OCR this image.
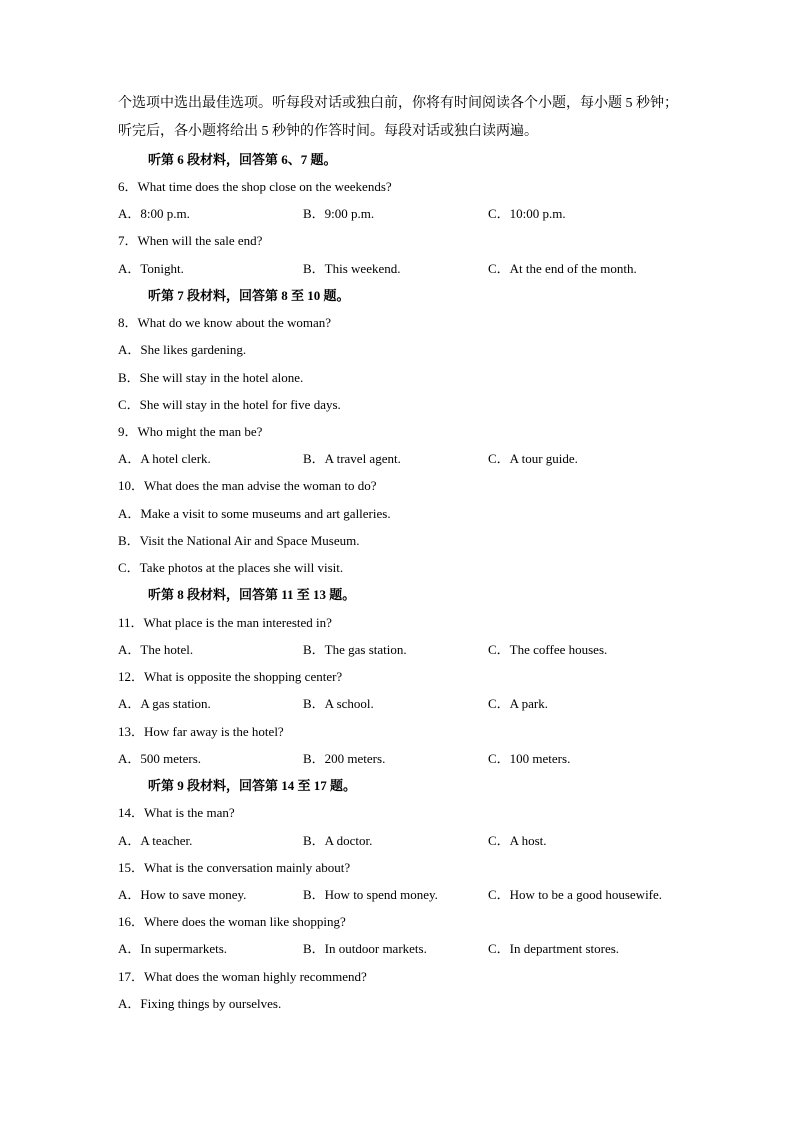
个选项中选出最佳选项。听每段对话或独白前，你将有时间阅读各个小题，每小题 5 秒钟；
听完后，各小题将给出 5 秒钟的作答时间。每段对话或独白读两遍。
听第 6 段材料，回答第 6、7 题。
6．What time does the shop close on the weekends?
A．8:00 p.m.	B．9:00 p.m.	C．10:00 p.m.
7．When will the sale end?
A．Tonight.	B．This weekend.	C．At the end of the month.
听第 7 段材料，回答第 8 至 10 题。
8．What do we know about the woman?
A．She likes gardening.
B．She will stay in the hotel alone.
C．She will stay in the hotel for five days.
9．Who might the man be?
A．A hotel clerk.	B．A travel agent.	C．A tour guide.
10．What does the man advise the woman to do?
A．Make a visit to some museums and art galleries.
B．Visit the National Air and Space Museum.
C．Take photos at the places she will visit.
听第 8 段材料，回答第 11 至 13 题。
11．What place is the man interested in?
A．The hotel.	B．The gas station.	C．The coffee houses.
12．What is opposite the shopping center?
A．A gas station.	B．A school.	C．A park.
13．How far away is the hotel?
A．500 meters.	B．200 meters.	C．100 meters.
听第 9 段材料，回答第 14 至 17 题。
14．What is the man?
A．A teacher.	B．A doctor.	C．A host.
15．What is the conversation mainly about?
A．How to save money.	B．How to spend money.	C．How to be a good housewife.
16．Where does the woman like shopping?
A．In supermarkets.	B．In outdoor markets.	C．In department stores.
17．What does the woman highly recommend?
A．Fixing things by ourselves.
